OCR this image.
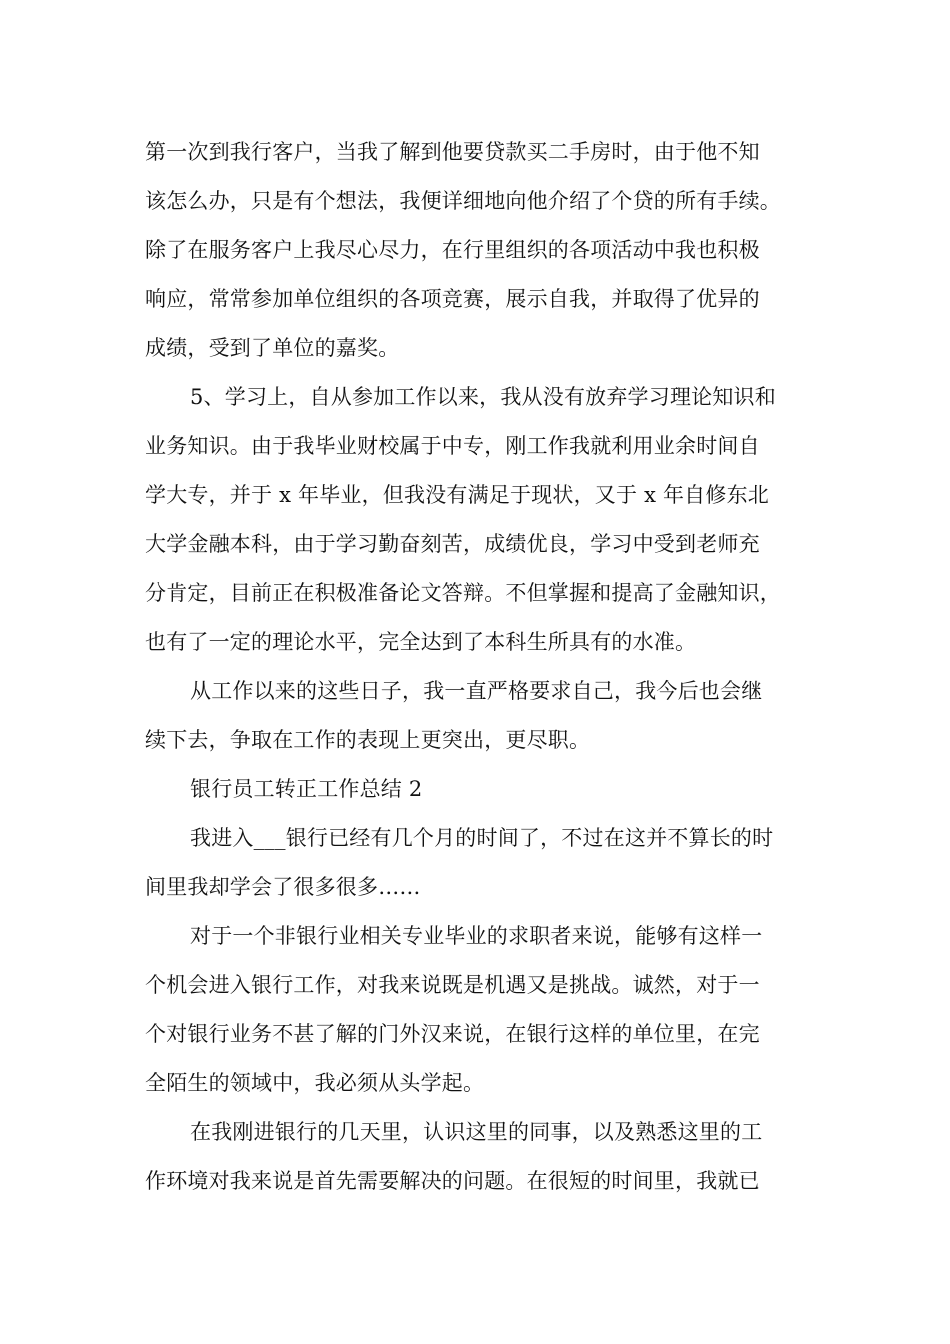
第一次到我行客户，当我了解到他要贷款买二手房时，由于他不知
该怎么办，只是有个想法，我便详细地向他介绍了个贷的所有手续。
除了在服务客户上我尽心尽力，在行里组织的各项活动中我也积极
响应，常常参加单位组织的各项竞赛，展示自我，并取得了优异的
成绩，受到了单位的嘉奖。
5、学习上，自从参加工作以来，我从没有放弃学习理论知识和
业务知识。由于我毕业财校属于中专，刚工作我就利用业余时间自
学大专，并于 x 年毕业，但我没有满足于现状，又于 x 年自修东北
大学金融本科，由于学习勤奋刻苦，成绩优良，学习中受到老师充
分肯定，目前正在积极准备论文答辩。不但掌握和提高了金融知识，
也有了一定的理论水平，完全达到了本科生所具有的水准。
从工作以来的这些日子，我一直严格要求自己，我今后也会继
续下去，争取在工作的表现上更突出，更尽职。
银行员工转正工作总结 2
我进入___银行已经有几个月的时间了，不过在这并不算长的时
间里我却学会了很多很多……
对于一个非银行业相关专业毕业的求职者来说，能够有这样一
个机会进入银行工作，对我来说既是机遇又是挑战。诚然，对于一
个对银行业务不甚了解的门外汉来说，在银行这样的单位里，在完
全陌生的领域中，我必须从头学起。
在我刚进银行的几天里，认识这里的同事，以及熟悉这里的工
作环境对我来说是首先需要解决的问题。在很短的时间里，我就已
